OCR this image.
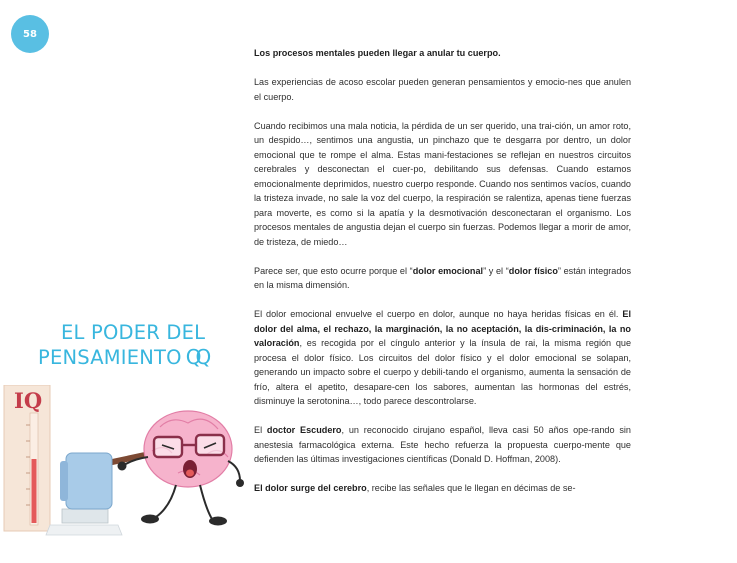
58
EL PODER DEL
PENSAMIENTO QQ
IQ

Los procesos mentales pueden llegar a anular tu cuerpo.

Las experiencias de acoso escolar pueden generan pensamientos y emocio-nes que anulen el cuerpo.

Cuando recibimos una mala noticia, la pérdida de un ser querido, una trai-ción, un amor roto, un despido…, sentimos una angustia, un pinchazo que te desgarra por dentro, un dolor emocional que te rompe el alma. Estas mani-festaciones se reflejan en nuestros circuitos cerebrales y desconectan el cuer-po, debilitando sus defensas. Cuando estamos emocionalmente deprimidos, nuestro cuerpo responde. Cuando nos sentimos vacíos, cuando la tristeza invade, no sale la voz del cuerpo, la respiración se ralentiza, apenas tiene fuerzas para moverte, es como si la apatía y la desmotivación desconectaran el organismo. Los procesos mentales de angustia dejan el cuerpo sin fuerzas. Podemos llegar a morir de amor, de tristeza, de miedo…

Parece ser, que esto ocurre porque el “dolor emocional” y el “dolor físico” están integrados en la misma dimensión.

El dolor emocional envuelve el cuerpo en dolor, aunque no haya heridas físicas en él. El dolor del alma, el rechazo, la marginación, la no aceptación, la dis-criminación, la no valoración, es recogida por el cíngulo anterior y la ínsula de rai, la misma región que procesa el dolor físico. Los circuitos del dolor físico y el dolor emocional se solapan, generando un impacto sobre el cuerpo y debili-tando el organismo, aumenta la sensación de frío, altera el apetito, desapare-cen los sabores, aumentan las hormonas del estrés, disminuye la serotonina…, todo parece descontrolarse.

El doctor Escudero, un reconocido cirujano español, lleva casi 50 años ope-rando sin anestesia farmacológica externa. Este hecho refuerza la propuesta cuerpo-mente que defienden las últimas investigaciones científicas (Donald D. Hoffman, 2008).

El dolor surge del cerebro, recibe las señales que le llegan en décimas de se-
